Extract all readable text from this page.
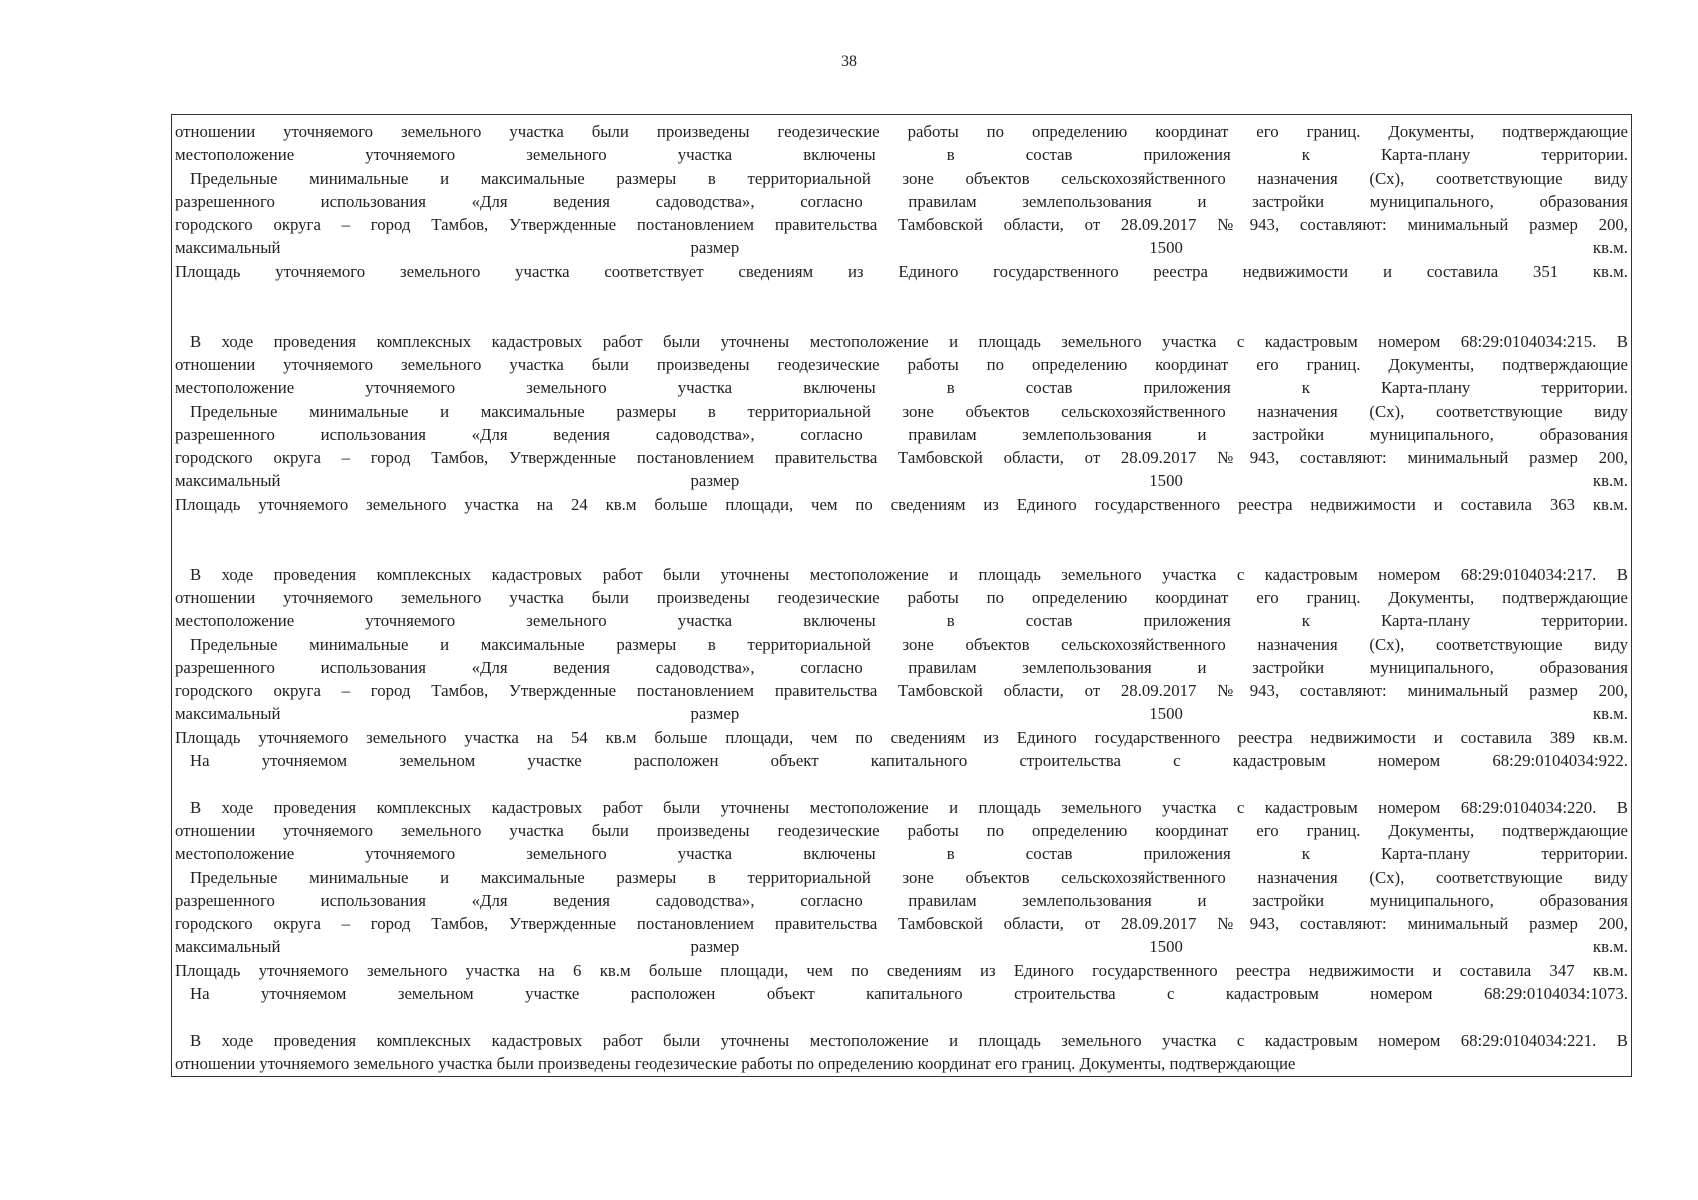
38
отношении уточняемого земельного участка были произведены геодезические работы по определению координат его границ. Документы, подтверждающие
местоположение уточняемого земельного участка включены в состав приложения к Карта-плану территории.
Предельные минимальные и максимальные размеры в территориальной зоне объектов сельскохозяйственного назначения (Сх), соответствующие виду
разрешенного использования «Для ведения садоводства», согласно правилам землепользования и застройки муниципального, образования
городского округа – город Тамбов, Утвержденные постановлением правительства Тамбовской области, от 28.09.2017 №943, составляют: минимальный размер 200,
максимальный размер 1500 кв.м.
Площадь уточняемого земельного участка соответствует сведениям из Единого государственного реестра недвижимости и составила 351 кв.м.
В ходе проведения комплексных кадастровых работ были уточнены местоположение и площадь земельного участка с кадастровым номером 68:29:0104034:215. В
отношении уточняемого земельного участка были произведены геодезические работы по определению координат его границ. Документы, подтверждающие
местоположение уточняемого земельного участка включены в состав приложения к Карта-плану территории.
Предельные минимальные и максимальные размеры в территориальной зоне объектов сельскохозяйственного назначения (Сх), соответствующие виду
разрешенного использования «Для ведения садоводства», согласно правилам землепользования и застройки муниципального, образования
городского округа – город Тамбов, Утвержденные постановлением правительства Тамбовской области, от 28.09.2017 №943, составляют: минимальный размер 200,
максимальный размер 1500 кв.м.
Площадь уточняемого земельного участка на 24 кв.м больше площади, чем по сведениям из Единого государственного реестра недвижимости и составила 363 кв.м.
В ходе проведения комплексных кадастровых работ были уточнены местоположение и площадь земельного участка с кадастровым номером 68:29:0104034:217. В
отношении уточняемого земельного участка были произведены геодезические работы по определению координат его границ. Документы, подтверждающие
местоположение уточняемого земельного участка включены в состав приложения к Карта-плану территории.
Предельные минимальные и максимальные размеры в территориальной зоне объектов сельскохозяйственного назначения (Сх), соответствующие виду
разрешенного использования «Для ведения садоводства», согласно правилам землепользования и застройки муниципального, образования
городского округа – город Тамбов, Утвержденные постановлением правительства Тамбовской области, от 28.09.2017 №943, составляют: минимальный размер 200,
максимальный размер 1500 кв.м.
Площадь уточняемого земельного участка на 54 кв.м больше площади, чем по сведениям из Единого государственного реестра недвижимости и составила 389 кв.м.
На уточняемом земельном участке расположен объект капитального строительства с кадастровым номером 68:29:0104034:922.
В ходе проведения комплексных кадастровых работ были уточнены местоположение и площадь земельного участка с кадастровым номером 68:29:0104034:220. В
отношении уточняемого земельного участка были произведены геодезические работы по определению координат его границ. Документы, подтверждающие
местоположение уточняемого земельного участка включены в состав приложения к Карта-плану территории.
Предельные минимальные и максимальные размеры в территориальной зоне объектов сельскохозяйственного назначения (Сх), соответствующие виду
разрешенного использования «Для ведения садоводства», согласно правилам землепользования и застройки муниципального, образования
городского округа – город Тамбов, Утвержденные постановлением правительства Тамбовской области, от 28.09.2017 №943, составляют: минимальный размер 200,
максимальный размер 1500 кв.м.
Площадь уточняемого земельного участка на 6 кв.м больше площади, чем по сведениям из Единого государственного реестра недвижимости и составила 347 кв.м.
На уточняемом земельном участке расположен объект капитального строительства с кадастровым номером 68:29:0104034:1073.
В ходе проведения комплексных кадастровых работ были уточнены местоположение и площадь земельного участка с кадастровым номером 68:29:0104034:221. В
отношении уточняемого земельного участка были произведены геодезические работы по определению координат его границ. Документы, подтверждающие
